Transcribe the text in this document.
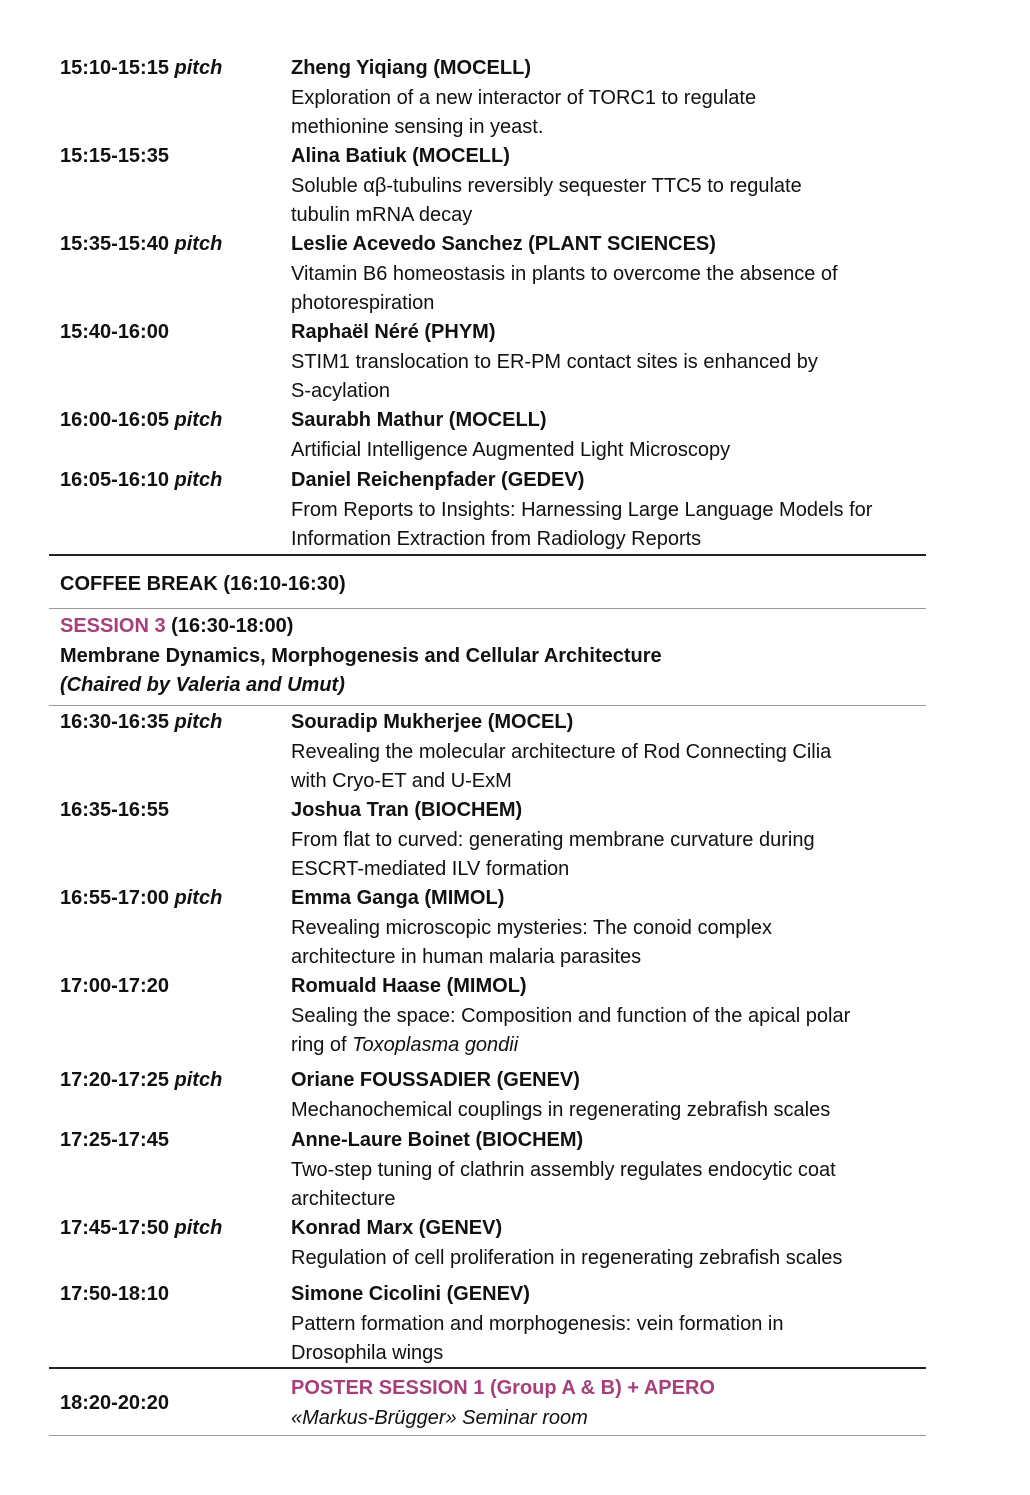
15:10-15:15 pitch	Zheng Yiqiang (MOCELL)
Exploration of a new interactor of TORC1 to regulate
methionine sensing in yeast.
15:15-15:35	Alina Batiuk (MOCELL)
Soluble αβ-tubulins reversibly sequester TTC5 to regulate
tubulin mRNA decay
15:35-15:40 pitch	Leslie Acevedo Sanchez (PLANT SCIENCES)
Vitamin B6 homeostasis in plants to overcome the absence of
photorespiration
15:40-16:00	Raphaël Néré (PHYM)
STIM1 translocation to ER-PM contact sites is enhanced by
S-acylation
16:00-16:05 pitch	Saurabh Mathur (MOCELL)
Artificial Intelligence Augmented Light Microscopy
16:05-16:10 pitch	Daniel Reichenpfader (GEDEV)
From Reports to Insights: Harnessing Large Language Models for
Information Extraction from Radiology Reports
COFFEE BREAK (16:10-16:30)
SESSION 3 (16:30-18:00)
Membrane Dynamics, Morphogenesis and Cellular Architecture
(Chaired by Valeria and Umut)
16:30-16:35 pitch	Souradip Mukherjee (MOCEL)
Revealing the molecular architecture of Rod Connecting Cilia
with Cryo-ET and U-ExM
16:35-16:55	Joshua Tran (BIOCHEM)
From flat to curved: generating membrane curvature during
ESCRT-mediated ILV formation
16:55-17:00 pitch	Emma Ganga (MIMOL)
Revealing microscopic mysteries: The conoid complex
architecture in human malaria parasites
17:00-17:20	Romuald Haase (MIMOL)
Sealing the space: Composition and function of the apical polar
ring of Toxoplasma gondii
17:20-17:25 pitch	Oriane FOUSSADIER (GENEV)
Mechanochemical couplings in regenerating zebrafish scales
17:25-17:45	Anne-Laure Boinet (BIOCHEM)
Two-step tuning of clathrin assembly regulates endocytic coat
architecture
17:45-17:50 pitch	Konrad Marx (GENEV)
Regulation of cell proliferation in regenerating zebrafish scales
17:50-18:10	Simone Cicolini (GENEV)
Pattern formation and morphogenesis: vein formation in
Drosophila wings
18:20-20:20
POSTER SESSION 1 (Group A & B) + APERO
«Markus-Brügger» Seminar room
